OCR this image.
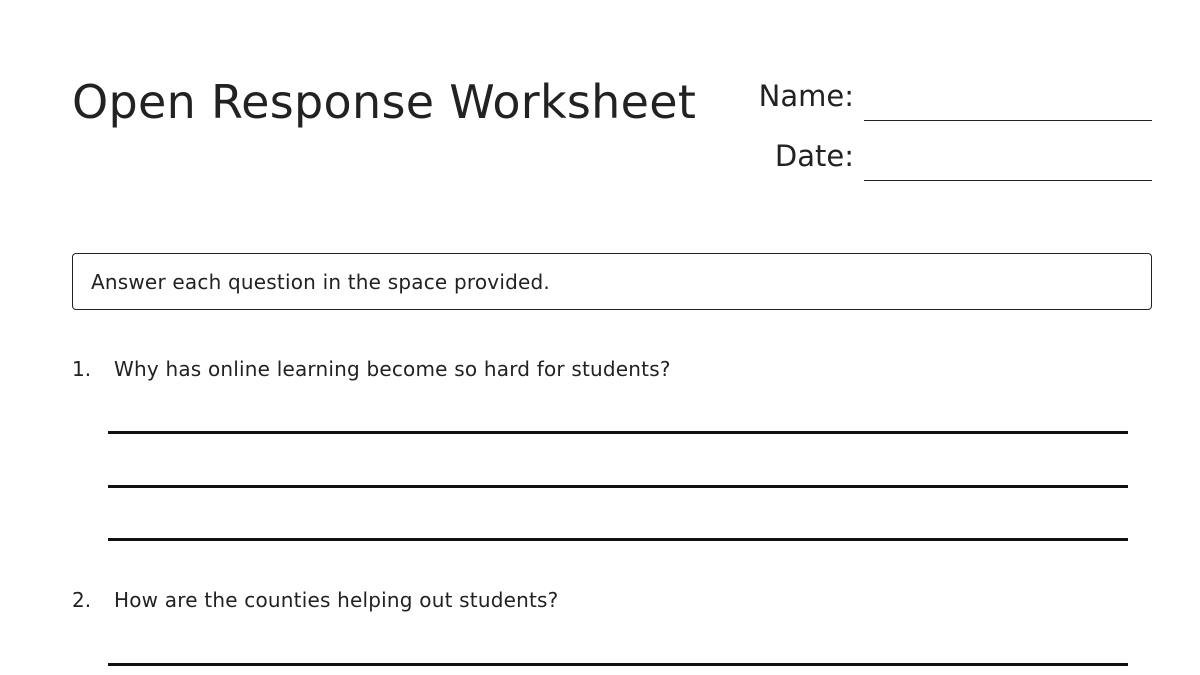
Open Response Worksheet	Name:
Date:
Answer each question in the space provided.
1. Why has online learning become so hard for students?
2. How are the counties helping out students?
